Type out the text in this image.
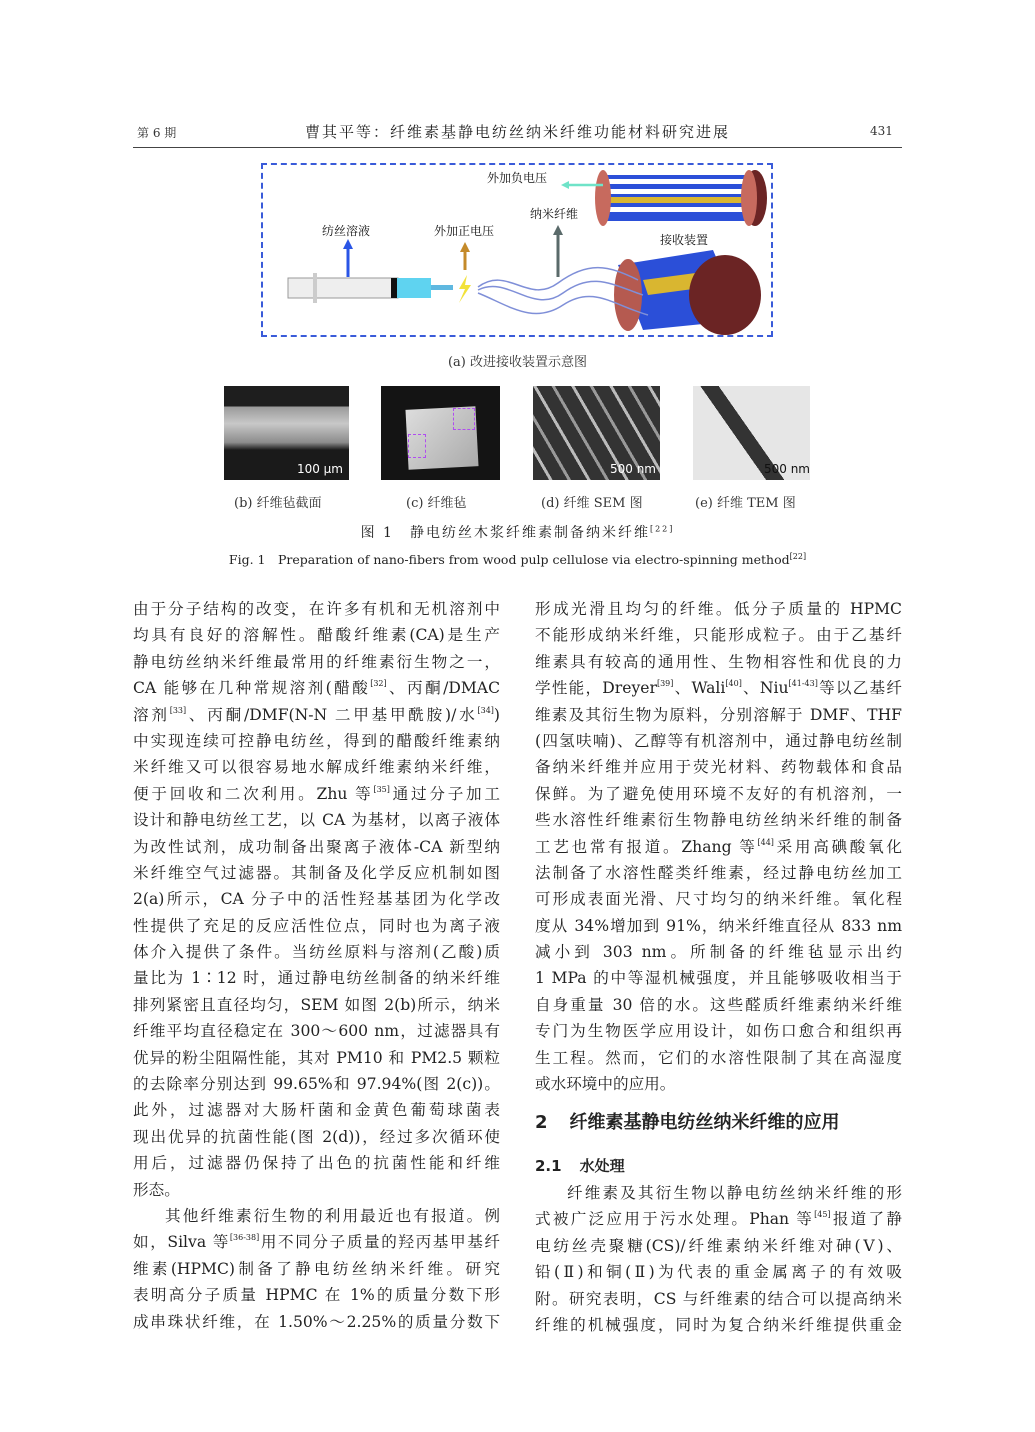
第 6 期	曹其平等：纤维素基静电纺丝纳米纤维功能材料研究进展	431
外加负电压
纳米纤维
纺丝溶液	外加正电压
接收装置
(a) 改进接收装置示意图
100 μm	500 nm	500 nm
(b) 纤维毡截面	(c) 纤维毡	(d) 纤维 SEM 图	(e) 纤维 TEM 图
图 1　静电纺丝木浆纤维素制备纳米纤维[22]
Fig. 1　Preparation of nano-fibers from wood pulp cellulose via electro-spinning method[22]
由于分子结构的改变，在许多有机和无机溶剂中
均具有良好的溶解性。醋酸纤维素(CA)是生产
静电纺丝纳米纤维最常用的纤维素衍生物之一，
CA 能够在几种常规溶剂(醋酸[32]、丙酮/DMAC
溶剂[33]、丙酮/DMF(N-N 二甲基甲酰胺)/水[34])
中实现连续可控静电纺丝，得到的醋酸纤维素纳
米纤维又可以很容易地水解成纤维素纳米纤维，
便于回收和二次利用。Zhu 等[35]通过分子加工
设计和静电纺丝工艺，以 CA 为基材，以离子液体
为改性试剂，成功制备出聚离子液体-CA 新型纳
米纤维空气过滤器。其制备及化学反应机制如图
2(a)所示，CA 分子中的活性羟基基团为化学改
性提供了充足的反应活性位点，同时也为离子液
体介入提供了条件。当纺丝原料与溶剂(乙酸)质
量比为 1∶12 时，通过静电纺丝制备的纳米纤维
排列紧密且直径均匀，SEM 如图 2(b)所示，纳米
纤维平均直径稳定在 300～600 nm，过滤器具有
优异的粉尘阻隔性能，其对 PM10 和 PM2.5 颗粒
的去除率分别达到 99.65%和 97.94%(图 2(c))。
此外，过滤器对大肠杆菌和金黄色葡萄球菌表
现出优异的抗菌性能(图 2(d))，经过多次循环使
用后，过滤器仍保持了出色的抗菌性能和纤维
形态。
其他纤维素衍生物的利用最近也有报道。例
如，Silva 等[36-38]用不同分子质量的羟丙基甲基纤
维素(HPMC)制备了静电纺丝纳米纤维。研究
表明高分子质量 HPMC 在 1%的质量分数下形
成串珠状纤维，在 1.50%～2.25%的质量分数下
形成光滑且均匀的纤维。低分子质量的 HPMC
不能形成纳米纤维，只能形成粒子。由于乙基纤
维素具有较高的通用性、生物相容性和优良的力
学性能，Dreyer[39]、Wali[40]、Niu[41-43]等以乙基纤
维素及其衍生物为原料，分别溶解于 DMF、THF
(四氢呋喃)、乙醇等有机溶剂中，通过静电纺丝制
备纳米纤维并应用于荧光材料、药物载体和食品
保鲜。为了避免使用环境不友好的有机溶剂，一
些水溶性纤维素衍生物静电纺丝纳米纤维的制备
工艺也常有报道。Zhang 等[44]采用高碘酸氧化
法制备了水溶性醛类纤维素，经过静电纺丝加工
可形成表面光滑、尺寸均匀的纳米纤维。氧化程
度从 34%增加到 91%，纳米纤维直径从 833 nm
减小到 303 nm。所制备的纤维毡显示出约
1 MPa 的中等湿机械强度，并且能够吸收相当于
自身重量 30 倍的水。这些醛质纤维素纳米纤维
专门为生物医学应用设计，如伤口愈合和组织再
生工程。然而，它们的水溶性限制了其在高湿度
或水环境中的应用。
2 纤维素基静电纺丝纳米纤维的应用
2.1 水处理
纤维素及其衍生物以静电纺丝纳米纤维的形
式被广泛应用于污水处理。Phan 等[45]报道了静
电纺丝壳聚糖(CS)/纤维素纳米纤维对砷(Ⅴ)、
铅(Ⅱ)和铜(Ⅱ)为代表的重金属离子的有效吸
附。研究表明，CS 与纤维素的结合可以提高纳米
纤维的机械强度，同时为复合纳米纤维提供重金
